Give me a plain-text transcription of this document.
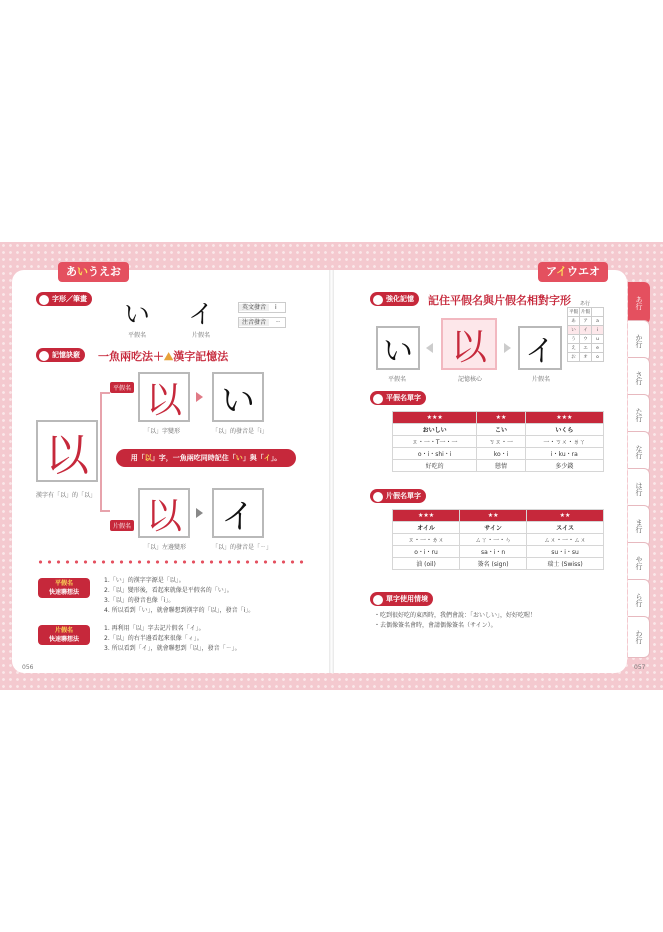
あいうえお	アイウエオ
字形／筆畫
い イ
平假名	片假名
英文發音 i
注音發音 ㄧ
記憶訣竅	一魚兩吃法＋⛰漢字記憶法
以
漢字有「以」的「以」
平假名
片假名
以 い
「以」字變形	「以」的發音是「i」
用「以」字，一魚兩吃同時記住「い」與「イ」。
以 イ
「以」左邊變形	「以」的發音是「ㄧ」
平假名
快速聯想法
1.「い」的漢字字源是「以」。
2.「以」變形後，看起來就像是平假名的「い」。
3.「以」的發音也像「i」。
4. 所以看到「い」，就會聯想到漢字的「以」，發音「i」。
片假名
快速聯想法
1. 再利用「以」字去記片假名「イ」。
2.「以」的右半邊看起來很像「ィ」。
3. 所以看到「イ」，就會聯想到「以」，發音「ㄧ」。
056
強化記憶	記住平假名與片假名相對字形
い 以	イ
平假名	記憶核心	片假名
あ行
平假	片假	
あ	ア	a
い	イ	i
う	ウ	u
え	エ	e
お	オ	o
平假名單字
★★★	★★	★★★
おいしい	こい	いくら
ㄡ・一・T一・一	ㄎㄡ・一	一・ㄎㄨ・ㄌㄚ
o・i・shi・i	ko・i	i・ku・ra
好吃的	戀情	多少錢
片假名單字
★★★	★★	★★
オイル	サイン	スイス
ㄡ・一・ㄌㄨ	ㄙㄚ・一・ㄣ	ㄙㄨ・一・ㄙㄨ
o・i・ru	sa・i・n	su・i・su
油 (oil)	簽名 (sign)	瑞士 (Swiss)
單字使用情境
・吃到很好吃的東西時，我們會說：「おいしい」，好好吃喔！
・去偶像簽名會時，會請偶像簽名（サイン）。
057
あ行
か行
さ行
た行
な行
は行
ま行
や行
ら行
わ行
